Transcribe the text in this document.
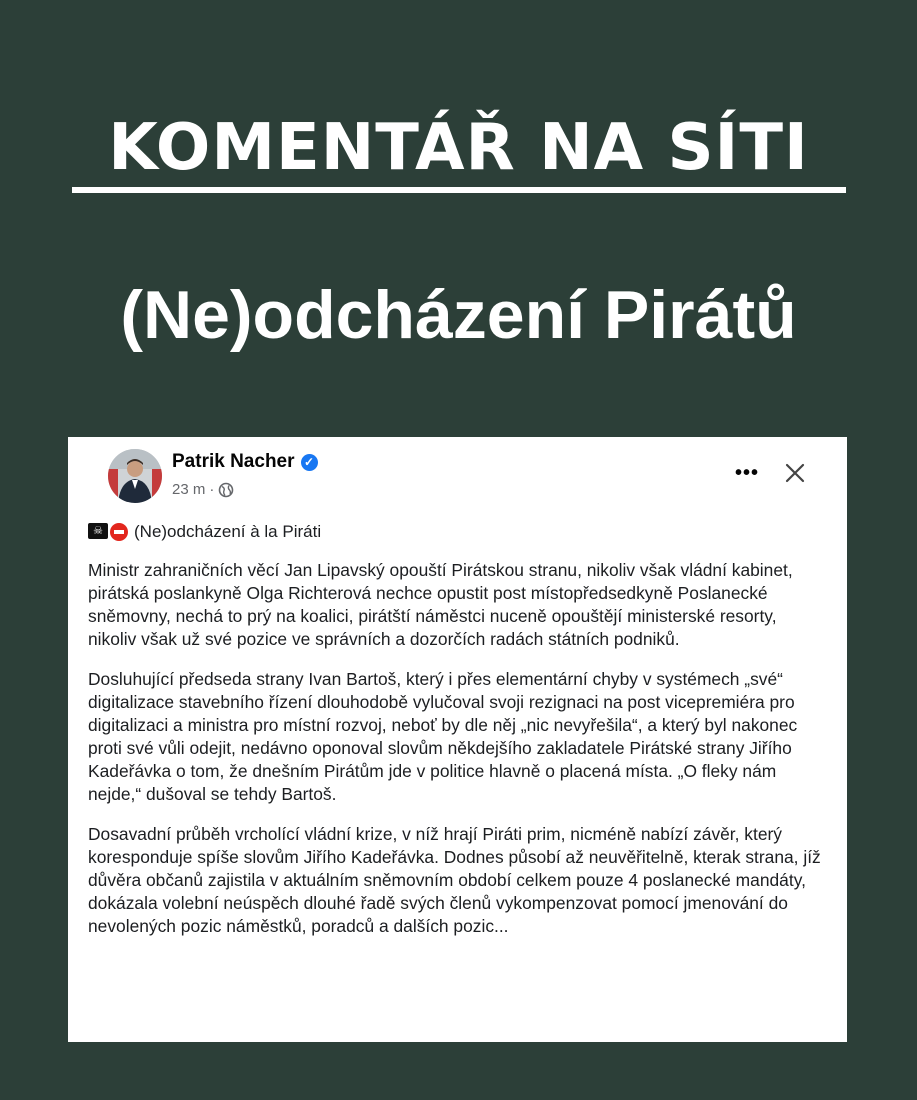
KOMENTÁŘ NA SÍTI
(Ne)odcházení Pirátů
Patrik Nacher ✓
23 m ·
•••
☠ (Ne)odcházení à la Piráti

Ministr zahraničních věcí Jan Lipavský opouští Pirátskou stranu, nikoliv však vládní kabinet, pirátská poslankyně Olga Richterová nechce opustit post místopředsedkyně Poslanecké sněmovny, nechá to prý na koalici, pirátští náměstci nuceně opouštějí ministerské resorty, nikoliv však už své pozice ve správních a dozorčích radách státních podniků.

Dosluhující předseda strany Ivan Bartoš, který i přes elementární chyby v systémech „své“ digitalizace stavebního řízení dlouhodobě vylučoval svoji rezignaci na post vicepremiéra pro digitalizaci a ministra pro místní rozvoj, neboť by dle něj „nic nevyřešila“, a který byl nakonec proti své vůli odejit, nedávno oponoval slovům někdejšího zakladatele Pirátské strany Jiřího Kadeřávka o tom, že dnešním Pirátům jde v politice hlavně o placená místa. „O fleky nám nejde,“ dušoval se tehdy Bartoš.

Dosavadní průběh vrcholící vládní krize, v níž hrají Piráti prim, nicméně nabízí závěr, který koresponduje spíše slovům Jiřího Kadeřávka. Dodnes působí až neuvěřitelně, kterak strana, jíž důvěra občanů zajistila v aktuálním sněmovním období celkem pouze 4 poslanecké mandáty, dokázala volební neúspěch dlouhé řadě svých členů vykompenzovat pomocí jmenování do nevolených pozic náměstků, poradců a dalších pozic...
